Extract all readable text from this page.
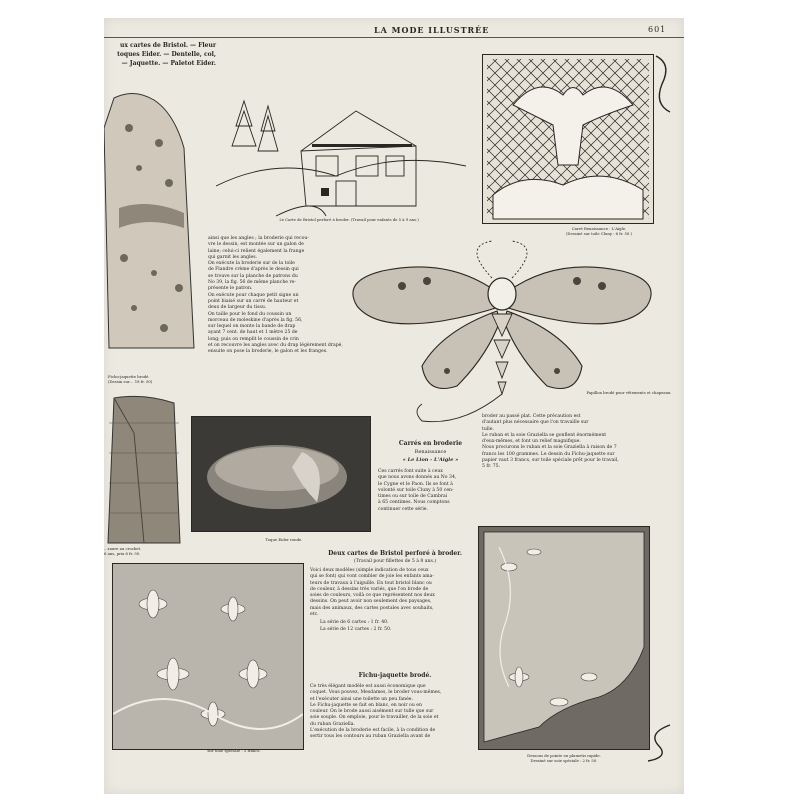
LA MODE ILLUSTRÉE	601
ux cartes de Bristol. — Fleur
toques Eider. — Dentelle, col,
— Jaquette. — Paletot Eider.
Fichu-jaquette brodé.
(Dessin sur… 18 fr. 50)
…raure au crochet.
6 ans, prix 6 fr. 50.
2e Carte de Bristol perforé à broder. (Travail pour enfants de 5 à 9 ans.)
Carré Renaissance : L'Aigle.
(Dessiné sur toile Cluny : 6 fr. 50.)
ainsi que les angles ; la broderie qui recou-
vre le dessin, est montée sur un galon de
laine; celui-ci relient également la frange
qui garnit les angles.
On exécute la broderie sur de la toile
de Flandre crème d'après le dessin qui
se trouve sur la planche de patrons du
No 39, la fig. 56 de même planche re-
présente le patron.
On exécute pour chaque petit signe un
point biaisé sur un carré de hauteur et
deux de largeur du tissu.
On taille pour le fond du coussin un
morceau de moleskine d'après la fig. 56,
sur lequel on monte la bande de drap
ayant 7 cent. de haut et 1 mètre 25 de
long; puis on remplit le coussin de crin
et on recouvre les angles avec du drap légèrement drapé,
ensuite on pose la broderie, le galon et les franges.
Papillon brodé pour vêtements et chapeaux.
Toque Eider ronde.
Carrés en broderie
Renaissance
« Le Lion - L'Aigle »
Ces carrés font suite à ceux
que nous avons donnés au No 34,
le Cygne et le Paon. Ils se font à
volonté sur toile Cluny à 50 cen-
times ou sur toile de Cambrai
à 65 centimes. Nous comptons
continuer cette série.
broder au passé plat. Cette précaution est
d'autant plus nécessaire que l'on travaille sur
tulle.
Le ruban et la soie Graziella se gonflent énormément
d'eux-mêmes, et font un relief magnifique.
Nous procurons le ruban et la soie Graziella à raison de 7
francs les 100 grammes. Le dessin du Fichu-jaquette sur
papier vaut 3 francs, sur toile spéciale prêt pour le travail,
5 fr. 75.
sur toile spéciale : 5 francs.
Deux cartes de Bristol perforé à broder.
(Travail pour fillettes de 5 à 8 ans.)
Voici deux modèles (simple indication de tous ceux
qui se font) qui vont combler de joie les enfants ama-
teurs de travaux à l'aiguille. En tout bristol blanc ou
de couleur, à dessins très variés, que l'on brode de
soies de couleurs, voilà ce que représentent nos deux
dessins. On peut avoir non seulement des paysages,
mais des animaux, des cartes postales avec souhaits,
etc.
La série de 6 cartes : 1 fr. 40.
La série de 12 cartes : 2 fr. 50.
Fichu-jaquette brodé.
Ce très élégant modèle est aussi économique que
coquet. Vous pouvez, Mesdames, le broder vous-mêmes,
et l'exécuter ainsi une toilette un peu fanée.
Le Fichu-jaquette se fait en blanc, en noir ou en
couleur. On le brode aussi aisément sur tulle que sur
soie souple. On emploie, pour le travailler, de la soie et
du ruban Graziella.
L'exécution de la broderie est facile, à la condition de
sertir tous les contours au ruban Graziella avant de
Dessous de pointe en plumetis rapide.
Dessiné sur soie spéciale : 2 fr. 50.
